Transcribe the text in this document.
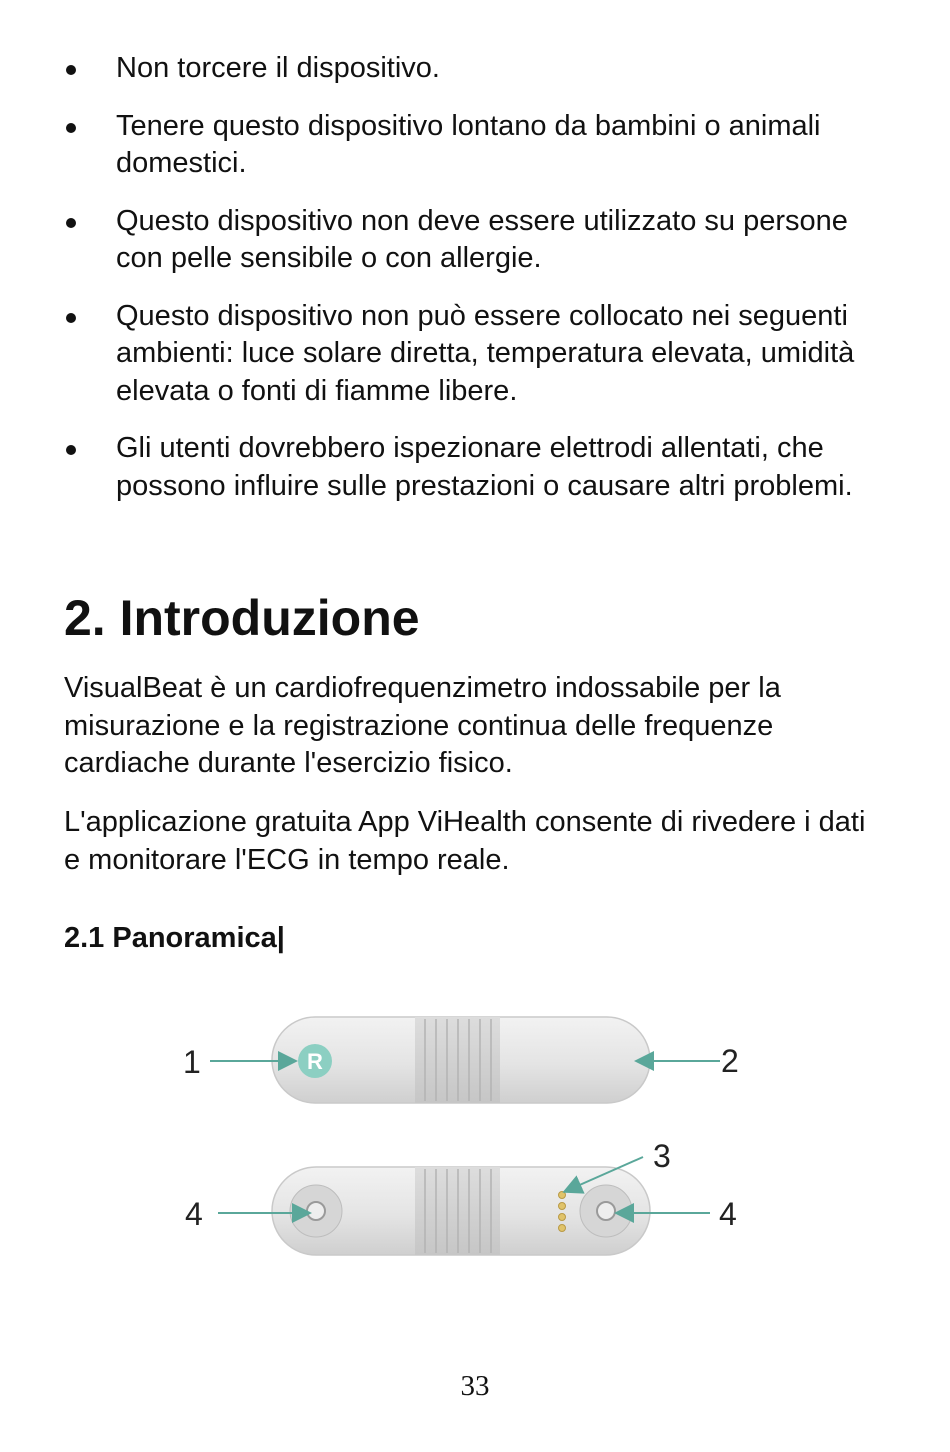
Non torcere il dispositivo.
Tenere questo dispositivo lontano da bambini o animali domestici.
Questo dispositivo non deve essere utilizzato su persone con pelle sensibile o con allergie.
Questo dispositivo non può essere collocato nei seguenti ambienti: luce solare diretta, temperatura elevata, umidità elevata o fonti di fiamme libere.
Gli utenti dovrebbero ispezionare elettrodi allentati, che possono influire sulle prestazioni o causare altri problemi.
2. Introduzione

VisualBeat è un cardiofrequenzimetro indossabile per la misurazione e la registrazione continua delle frequenze cardiache durante l'esercizio fisico.

L'applicazione gratuita App ViHealth consente di rivedere i dati e monitorare l'ECG in tempo reale.

2.1 Panoramica|
R
1	2
3
4	4
33
